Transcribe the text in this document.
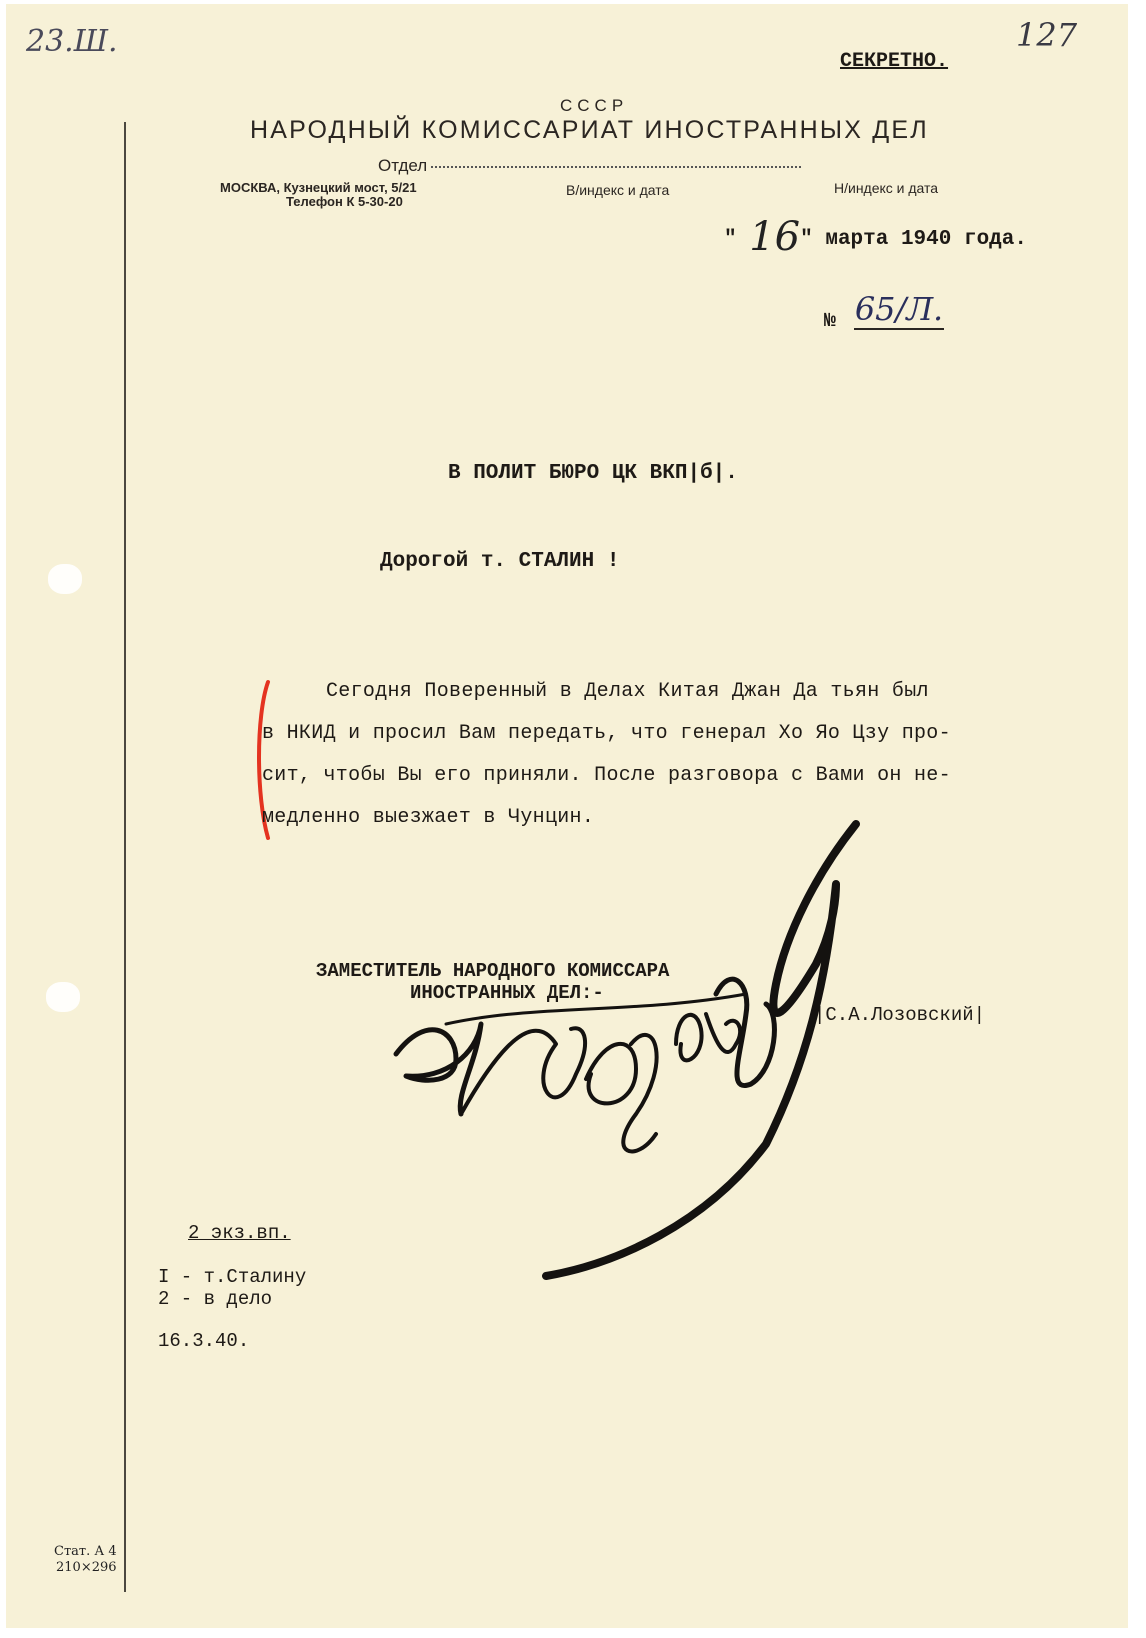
23.Ш.	127
СЕКРЕТНО.
СССР
НАРОДНЫЙ КОМИССАРИАТ ИНОСТРАННЫХ ДЕЛ
Отдел
МОСКВА, Кузнецкий мост, 5/21
Телефон К 5-30-20
В/индекс и дата	Н/индекс и дата
" 16" марта 1940 года.
№ 65/Л.
В ПОЛИТ БЮРО ЦК ВКП|б|.
Дорогой т. СТАЛИН !
Сегодня Поверенный в Делах Китая Джан Да тьян был
в НКИД и просил Вам передать, что генерал Хо Яо Цзу про-
сит, чтобы Вы его приняли. После разговора с Вами он не-
медленно выезжает в Чунцин.
ЗАМЕСТИТЕЛЬ НАРОДНОГО КОМИССАРА
ИНОСТРАННЫХ ДЕЛ:-
|С.А.Лозовский|
2 экз.вп.
I - т.Сталину
2 - в дело
16.3.40.
Стат. А 4
210×296
